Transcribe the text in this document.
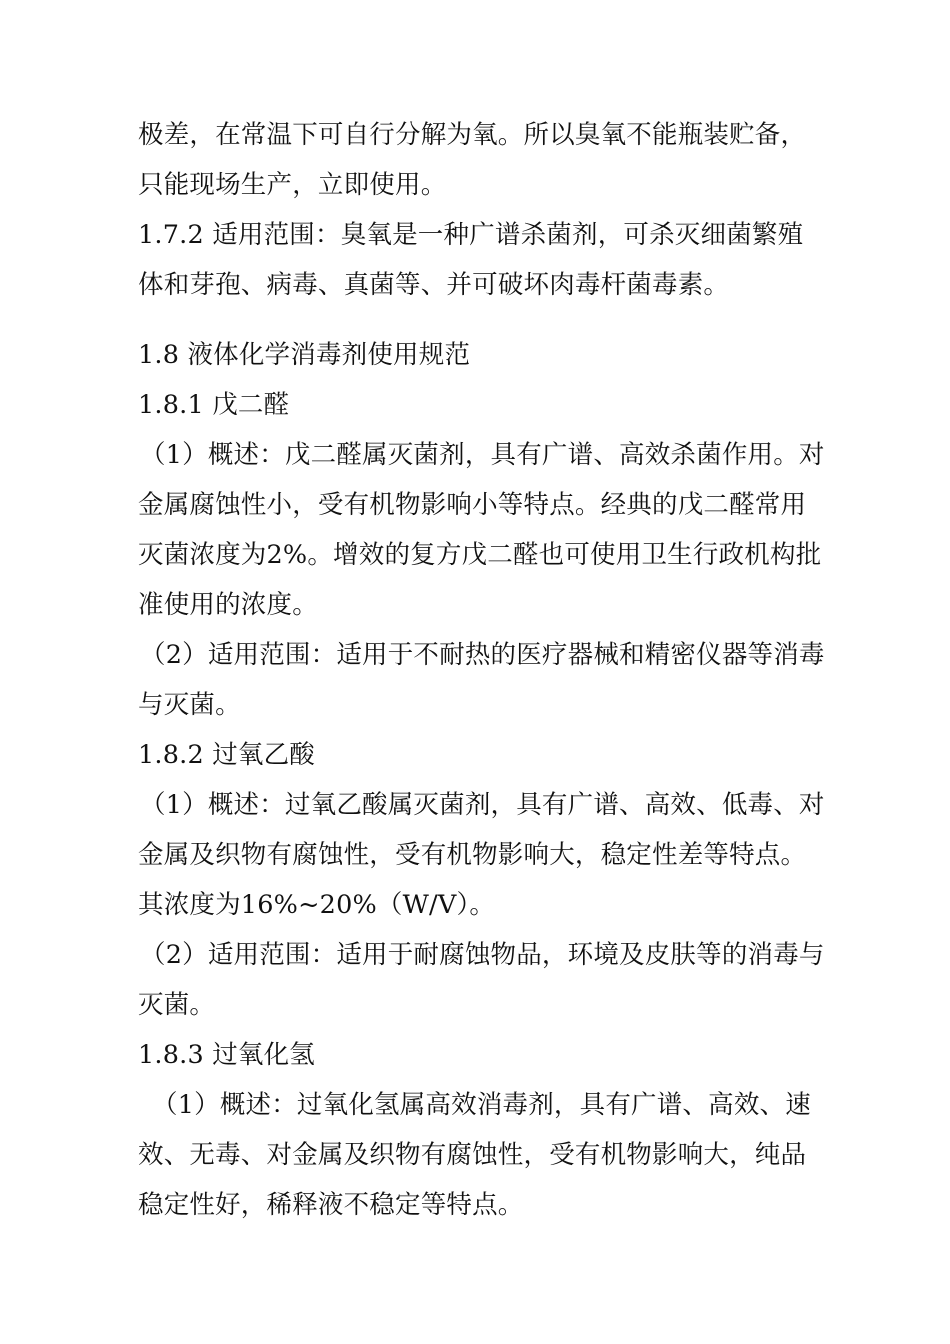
极差，在常温下可自行分解为氧。所以臭氧不能瓶装贮备，
只能现场生产，立即使用。
1.7.2 适用范围：臭氧是一种广谱杀菌剂，可杀灭细菌繁殖
体和芽孢、病毒、真菌等、并可破坏肉毒杆菌毒素。
1.8 液体化学消毒剂使用规范
1.8.1 戊二醛
（1）概述：戊二醛属灭菌剂，具有广谱、高效杀菌作用。对
金属腐蚀性小，受有机物影响小等特点。经典的戊二醛常用
灭菌浓度为2%。增效的复方戊二醛也可使用卫生行政机构批
准使用的浓度。
（2）适用范围：适用于不耐热的医疗器械和精密仪器等消毒
与灭菌。
1.8.2 过氧乙酸
（1）概述：过氧乙酸属灭菌剂，具有广谱、高效、低毒、对
金属及织物有腐蚀性，受有机物影响大，稳定性差等特点。
其浓度为16%~20%（W/V）。
（2）适用范围：适用于耐腐蚀物品，环境及皮肤等的消毒与
灭菌。
1.8.3 过氧化氢
（1）概述：过氧化氢属高效消毒剂，具有广谱、高效、速
效、无毒、对金属及织物有腐蚀性，受有机物影响大，纯品
稳定性好，稀释液不稳定等特点。
